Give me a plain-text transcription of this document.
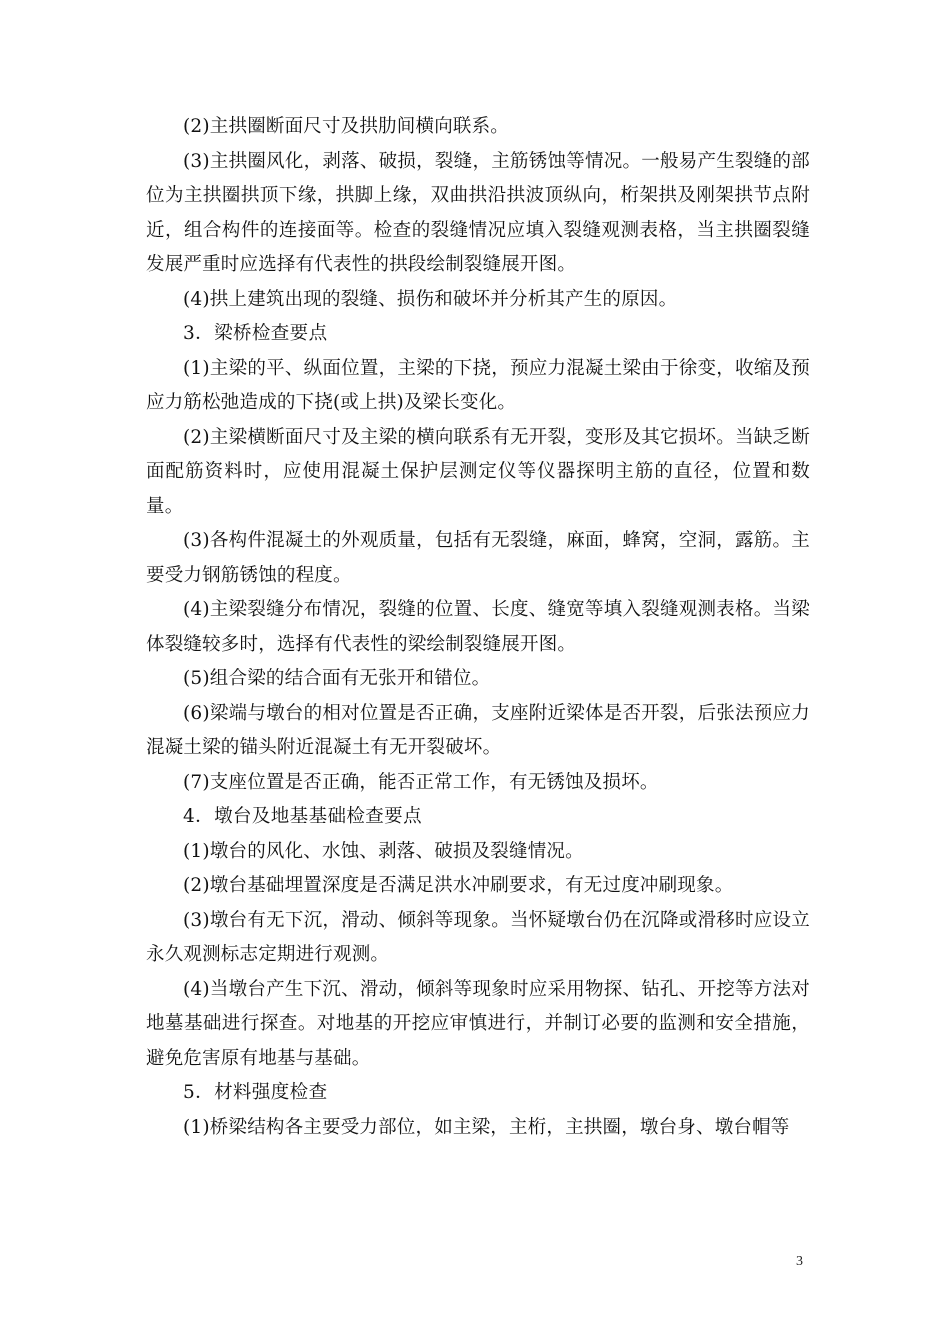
(2)主拱圈断面尺寸及拱肋间横向联系。

(3)主拱圈风化，剥落、破损，裂缝，主筋锈蚀等情况。一般易产生裂缝的部位为主拱圈拱顶下缘，拱脚上缘，双曲拱沿拱波顶纵向，桁架拱及刚架拱节点附近，组合构件的连接面等。检查的裂缝情况应填入裂缝观测表格，当主拱圈裂缝发展严重时应选择有代表性的拱段绘制裂缝展开图。

(4)拱上建筑出现的裂缝、损伤和破坏并分析其产生的原因。

3．梁桥检查要点

(1)主梁的平、纵面位置，主梁的下挠，预应力混凝土梁由于徐变，收缩及预应力筋松弛造成的下挠(或上拱)及梁长变化。

(2)主梁横断面尺寸及主梁的横向联系有无开裂，变形及其它损坏。当缺乏断面配筋资料时，应使用混凝土保护层测定仪等仪器探明主筋的直径，位置和数量。

(3)各构件混凝土的外观质量，包括有无裂缝，麻面，蜂窝，空洞，露筋。主要受力钢筋锈蚀的程度。

(4)主梁裂缝分布情况，裂缝的位置、长度、缝宽等填入裂缝观测表格。当梁体裂缝较多时，选择有代表性的梁绘制裂缝展开图。

(5)组合梁的结合面有无张开和错位。

(6)梁端与墩台的相对位置是否正确，支座附近梁体是否开裂，后张法预应力混凝土梁的锚头附近混凝土有无开裂破坏。

(7)支座位置是否正确，能否正常工作，有无锈蚀及损坏。

4．墩台及地基基础检查要点

(1)墩台的风化、水蚀、剥落、破损及裂缝情况。

(2)墩台基础埋置深度是否满足洪水冲刷要求，有无过度冲刷现象。

(3)墩台有无下沉，滑动、倾斜等现象。当怀疑墩台仍在沉降或滑移时应设立永久观测标志定期进行观测。

(4)当墩台产生下沉、滑动，倾斜等现象时应采用物探、钻孔、开挖等方法对地墓基础进行探查。对地基的开挖应审慎进行，并制订必要的监测和安全措施，避免危害原有地基与基础。

5．材料强度检查

(1)桥梁结构各主要受力部位，如主梁，主桁，主拱圈，墩台身、墩台帽等

3
